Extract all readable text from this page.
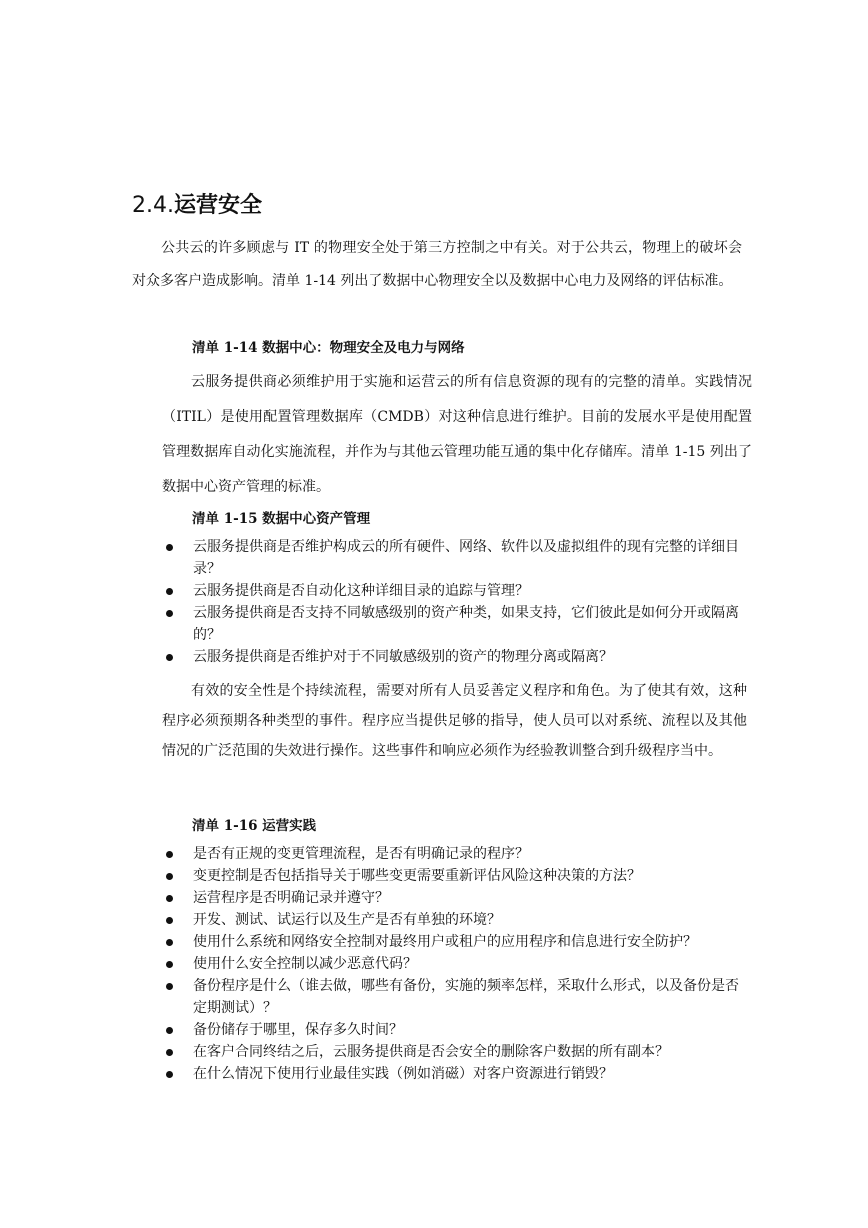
2.4.运营安全

公共云的许多顾虑与 IT 的物理安全处于第三方控制之中有关。对于公共云，物理上的破坏会对众多客户造成影响。清单 1-14 列出了数据中心物理安全以及数据中心电力及网络的评估标准。

清单 1-14 数据中心：物理安全及电力与网络

云服务提供商必须维护用于实施和运营云的所有信息资源的现有的完整的清单。实践情况（ITIL）是使用配置管理数据库（CMDB）对这种信息进行维护。目前的发展水平是使用配置管理数据库自动化实施流程，并作为与其他云管理功能互通的集中化存储库。清单 1-15 列出了数据中心资产管理的标准。

清单 1-15 数据中心资产管理

云服务提供商是否维护构成云的所有硬件、网络、软件以及虚拟组件的现有完整的详细目录？
云服务提供商是否自动化这种详细目录的追踪与管理？
云服务提供商是否支持不同敏感级别的资产种类，如果支持，它们彼此是如何分开或隔离的？
云服务提供商是否维护对于不同敏感级别的资产的物理分离或隔离？

有效的安全性是个持续流程，需要对所有人员妥善定义程序和角色。为了使其有效，这种程序必须预期各种类型的事件。程序应当提供足够的指导，使人员可以对系统、流程以及其他情况的广泛范围的失效进行操作。这些事件和响应必须作为经验教训整合到升级程序当中。

清单 1-16 运营实践

是否有正规的变更管理流程，是否有明确记录的程序？
变更控制是否包括指导关于哪些变更需要重新评估风险这种决策的方法？
运营程序是否明确记录并遵守？
开发、测试、试运行以及生产是否有单独的环境？
使用什么系统和网络安全控制对最终用户或租户的应用程序和信息进行安全防护？
使用什么安全控制以减少恶意代码？
备份程序是什么（谁去做，哪些有备份，实施的频率怎样，采取什么形式，以及备份是否定期测试）？
备份储存于哪里，保存多久时间？
在客户合同终结之后，云服务提供商是否会安全的删除客户数据的所有副本？
在什么情况下使用行业最佳实践（例如消磁）对客户资源进行销毁？
